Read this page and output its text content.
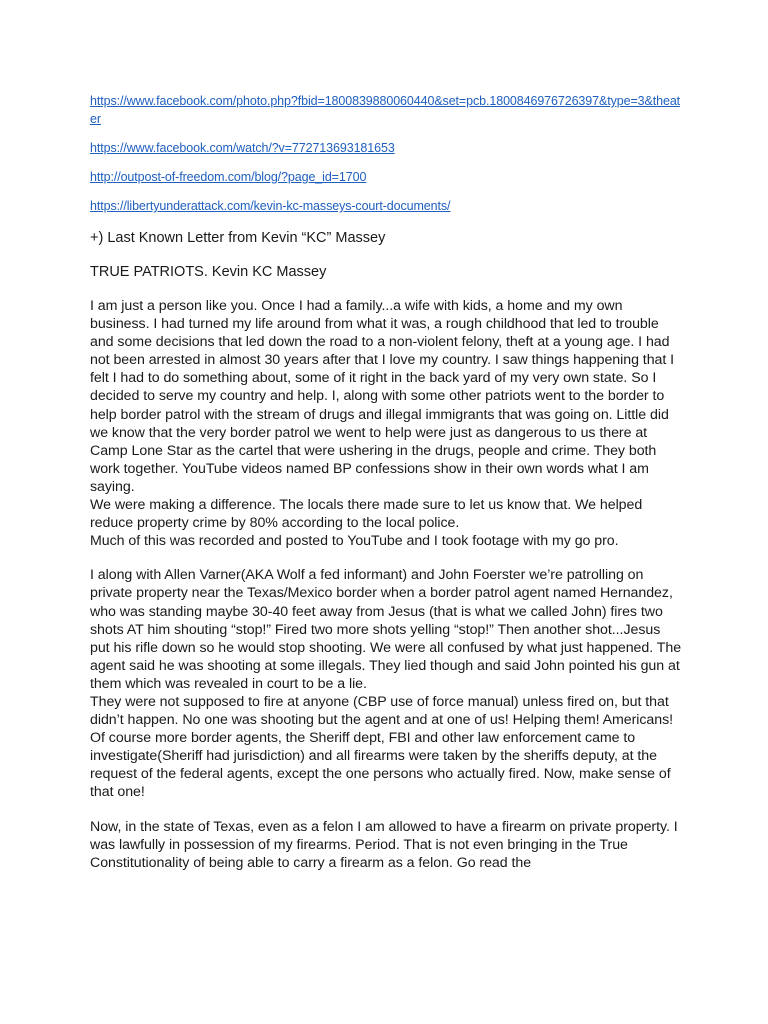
https://www.facebook.com/photo.php?fbid=1800839880060440&set=pcb.1800846976726397&type=3&theater
https://www.facebook.com/watch/?v=772713693181653
http://outpost-of-freedom.com/blog/?page_id=1700
https://libertyunderattack.com/kevin-kc-masseys-court-documents/
+) Last Known Letter from Kevin “KC” Massey
TRUE PATRIOTS. Kevin KC Massey

I am just a person like you. Once I had a family...a wife with kids, a home and my own business. I had turned my life around from what it was, a rough childhood that led to trouble and some decisions that led down the road to a non-violent felony, theft at a young age. I had not been arrested in almost 30 years after that I love my country. I saw things happening that I felt I had to do something about, some of it right in the back yard of my very own state. So I decided to serve my country and help. I, along with some other patriots went to the border to help border patrol with the stream of drugs and illegal immigrants that was going on. Little did we know that the very border patrol we went to help were just as dangerous to us there at Camp Lone Star as the cartel that were ushering in the drugs, people and crime. They both work together. YouTube videos named BP confessions show in their own words what I am saying.

We were making a difference. The locals there made sure to let us know that. We helped reduce property crime by 80% according to the local police.

Much of this was recorded and posted to YouTube and I took footage with my go pro.

I along with Allen Varner(AKA Wolf a fed informant) and John Foerster we’re patrolling on private property near the Texas/Mexico border when a border patrol agent named Hernandez, who was standing maybe 30-40 feet away from Jesus (that is what we called John) fires two shots AT him shouting “stop!” Fired two more shots yelling “stop!” Then another shot...Jesus put his rifle down so he would stop shooting. We were all confused by what just happened. The agent said he was shooting at some illegals. They lied though and said John pointed his gun at them which was revealed in court to be a lie.

They were not supposed to fire at anyone (CBP use of force manual) unless fired on, but that didn’t happen. No one was shooting but the agent and at one of us! Helping them! Americans!

Of course more border agents, the Sheriff dept, FBI and other law enforcement came to investigate(Sheriff had jurisdiction) and all firearms were taken by the sheriffs deputy, at the request of the federal agents, except the one persons who actually fired. Now, make sense of that one!

Now, in the state of Texas, even as a felon I am allowed to have a firearm on private property. I was lawfully in possession of my firearms. Period. That is not even bringing in the True Constitutionality of being able to carry a firearm as a felon. Go read the
